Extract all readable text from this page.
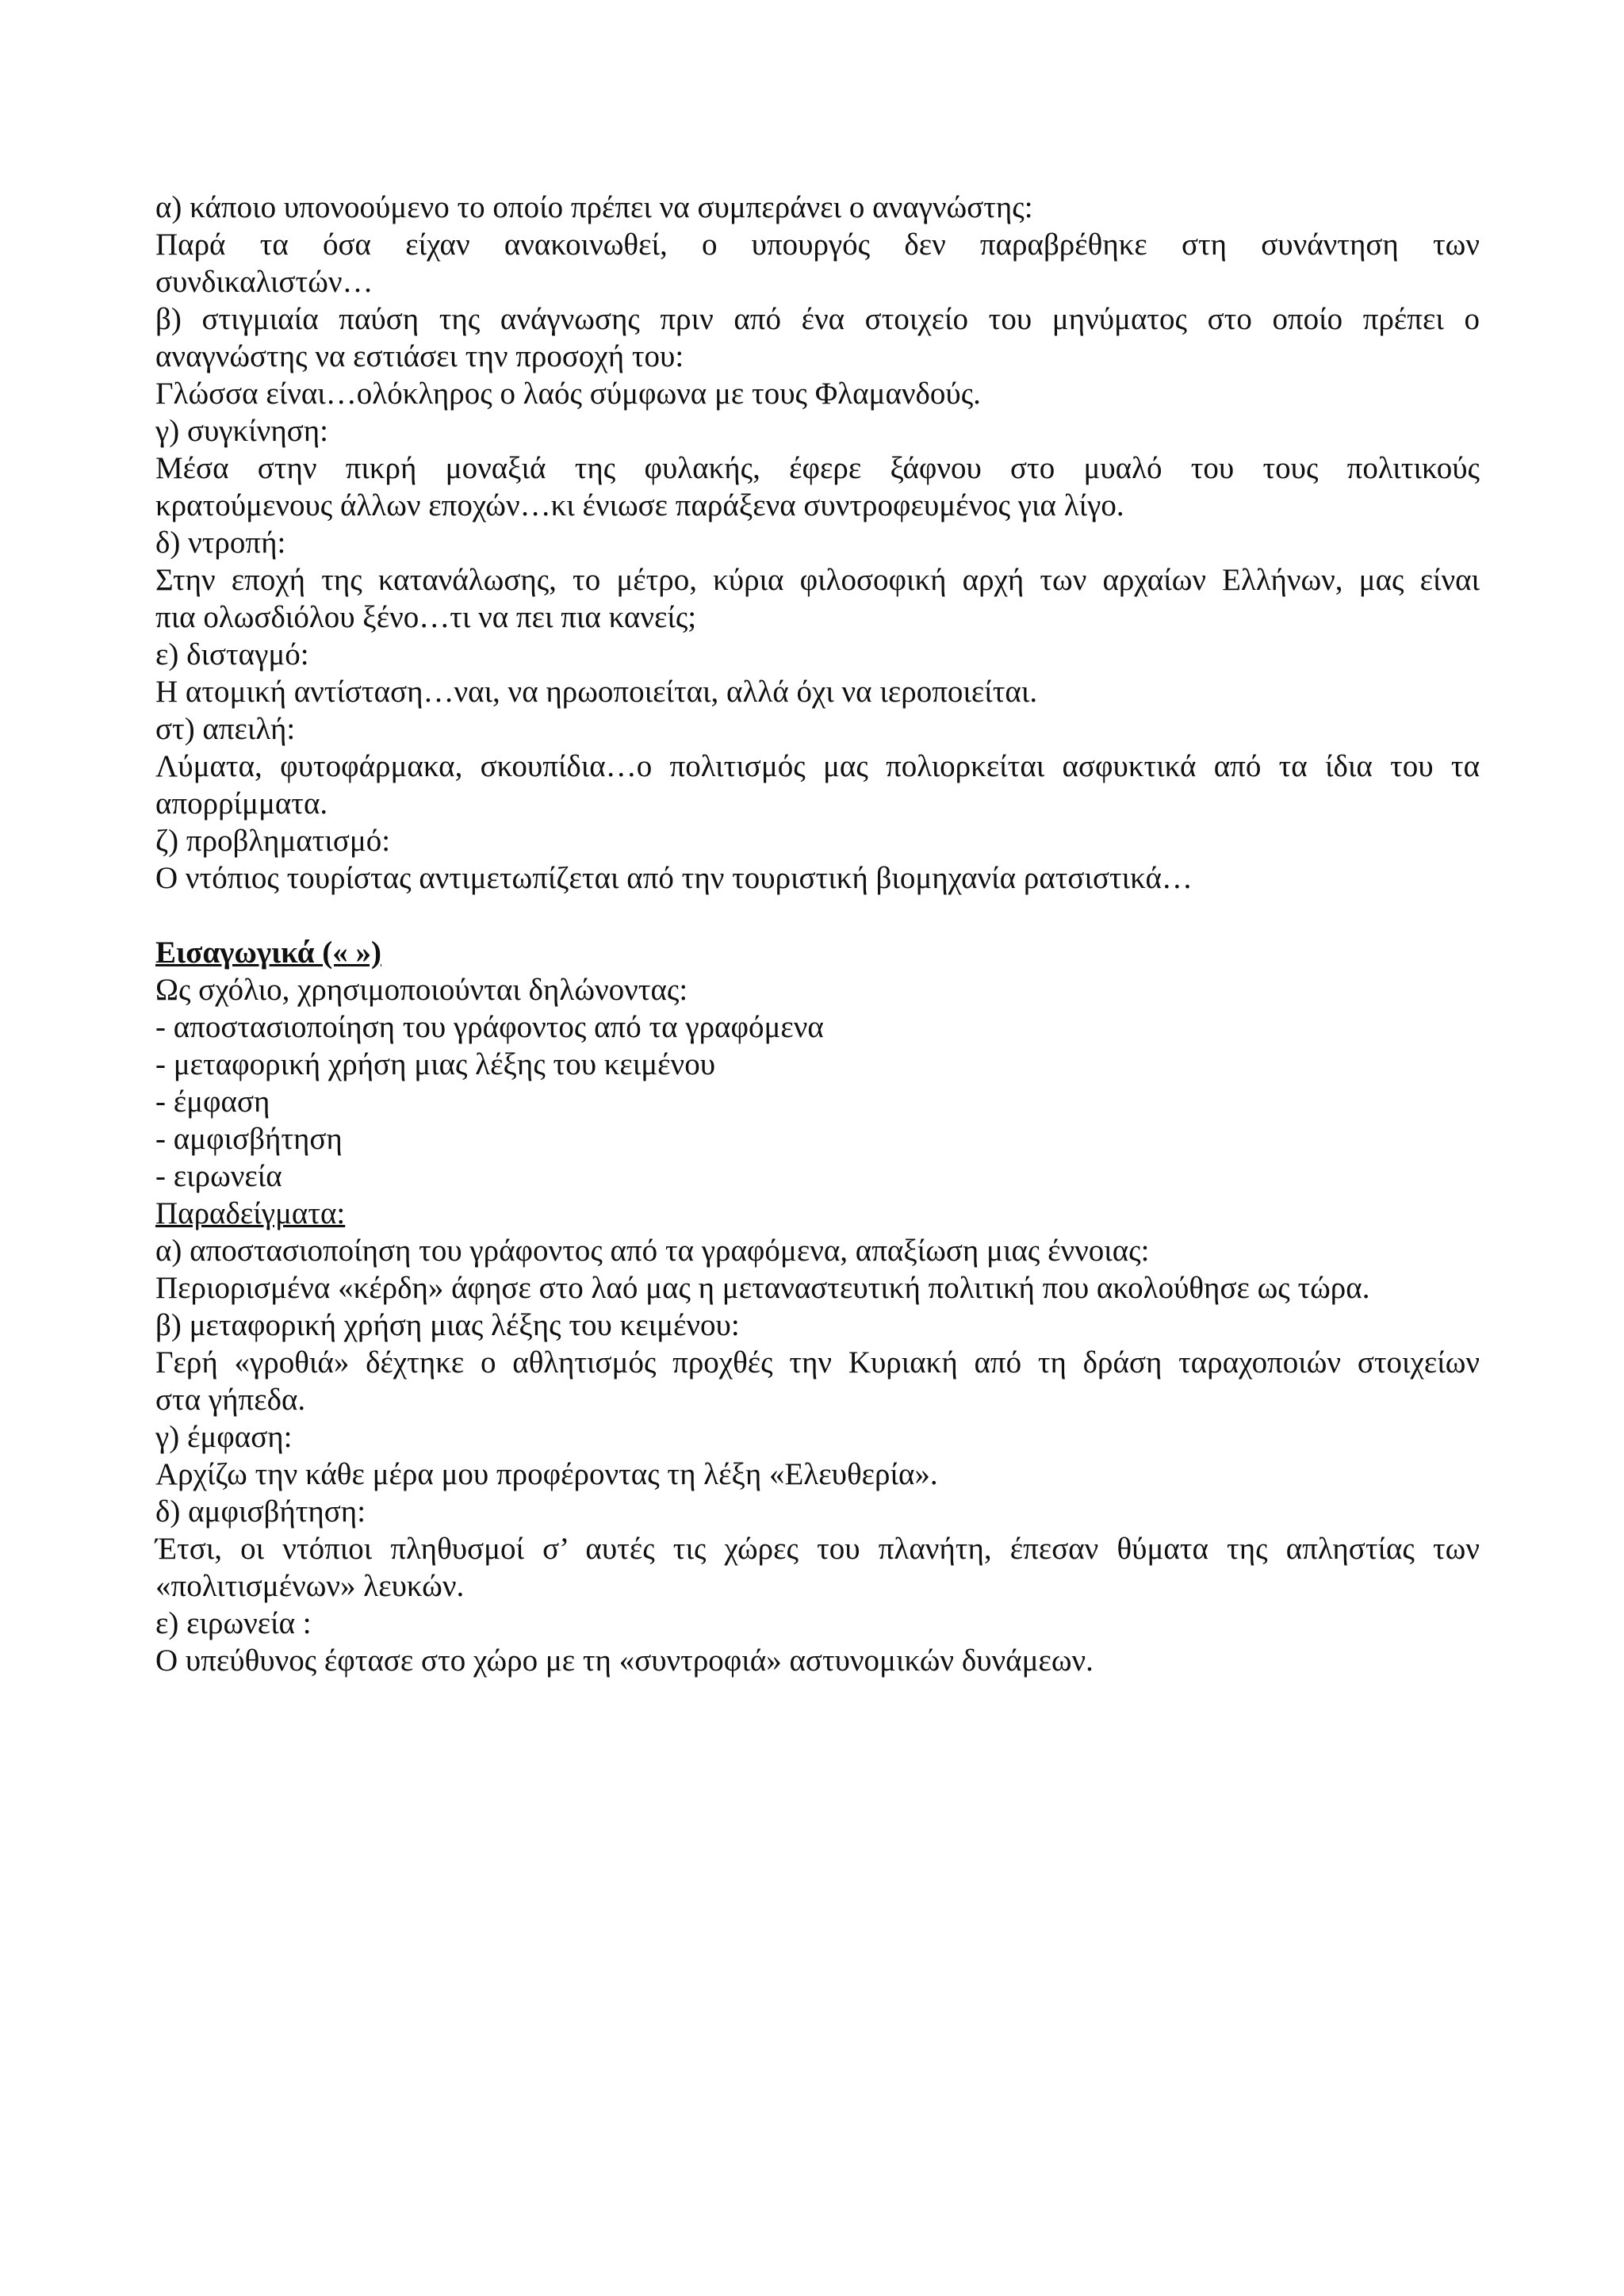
α) κάποιο υπονοούμενο το οποίο πρέπει να συμπεράνει ο αναγνώστης:
Παρά τα όσα είχαν ανακοινωθεί, ο υπουργός δεν παραβρέθηκε στη συνάντηση των
συνδικαλιστών…
β) στιγμιαία παύση της ανάγνωσης πριν από ένα στοιχείο του μηνύματος στο οποίο πρέπει ο
αναγνώστης να εστιάσει την προσοχή του:
Γλώσσα είναι…ολόκληρος ο λαός σύμφωνα με τους Φλαμανδούς.
γ) συγκίνηση:
Μέσα στην πικρή μοναξιά της φυλακής, έφερε ξάφνου στο μυαλό του τους πολιτικούς
κρατούμενους άλλων εποχών…κι ένιωσε παράξενα συντροφευμένος για λίγο.
δ) ντροπή:
Στην εποχή της κατανάλωσης, το μέτρο, κύρια φιλοσοφική αρχή των αρχαίων Ελλήνων, μας είναι
πια ολωσδιόλου ξένο…τι να πει πια κανείς;
ε) δισταγμό:
Η ατομική αντίσταση…ναι, να ηρωοποιείται, αλλά όχι να ιεροποιείται.
στ) απειλή:
Λύματα, φυτοφάρμακα, σκουπίδια…ο πολιτισμός μας πολιορκείται ασφυκτικά από τα ίδια του τα
απορρίμματα.
ζ) προβληματισμό:
Ο ντόπιος τουρίστας αντιμετωπίζεται από την τουριστική βιομηχανία ρατσιστικά…
Εισαγωγικά (« »)
Ως σχόλιο, χρησιμοποιούνται δηλώνοντας:
- αποστασιοποίηση του γράφοντος από τα γραφόμενα
- μεταφορική χρήση μιας λέξης του κειμένου
- έμφαση
- αμφισβήτηση
- ειρωνεία
Παραδείγματα:
α) αποστασιοποίηση του γράφοντος από τα γραφόμενα, απαξίωση μιας έννοιας:
Περιορισμένα «κέρδη» άφησε στο λαό μας η μεταναστευτική πολιτική που ακολούθησε ως τώρα.
β) μεταφορική χρήση μιας λέξης του κειμένου:
Γερή «γροθιά» δέχτηκε ο αθλητισμός προχθές την Κυριακή από τη δράση ταραχοποιών στοιχείων
στα γήπεδα.
γ) έμφαση:
Αρχίζω την κάθε μέρα μου προφέροντας τη λέξη «Ελευθερία».
δ) αμφισβήτηση:
Έτσι, οι ντόπιοι πληθυσμοί σ’ αυτές τις χώρες του πλανήτη, έπεσαν θύματα της απληστίας των
«πολιτισμένων» λευκών.
ε) ειρωνεία :
Ο υπεύθυνος έφτασε στο χώρο με τη «συντροφιά» αστυνομικών δυνάμεων.
